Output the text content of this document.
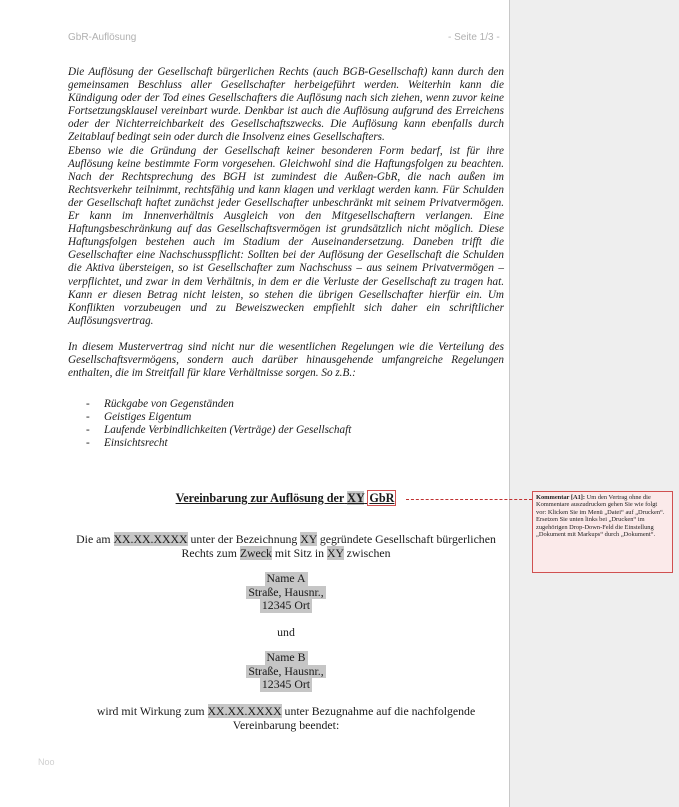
GbR-Auflösung	- Seite 1/3 -

Die Auflösung der Gesellschaft bürgerlichen Rechts (auch BGB-Gesellschaft) kann durch den gemeinsamen Beschluss aller Gesellschafter herbeigeführt werden. Weiterhin kann die Kündigung oder der Tod eines Gesellschafters die Auflösung nach sich ziehen, wenn zuvor keine Fortsetzungsklausel vereinbart wurde. Denkbar ist auch die Auflösung aufgrund des Erreichens oder der Nichterreichbarkeit des Gesellschaftszwecks. Die Auflösung kann ebenfalls durch Zeitablauf bedingt sein oder durch die Insolvenz eines Gesellschafters.

Ebenso wie die Gründung der Gesellschaft keiner besonderen Form bedarf, ist für ihre Auflösung keine bestimmte Form vorgesehen. Gleichwohl sind die Haftungsfolgen zu beachten. Nach der Rechtsprechung des BGH ist zumindest die Außen-GbR, die nach außen im Rechtsverkehr teilnimmt, rechtsfähig und kann klagen und verklagt werden kann. Für Schulden der Gesellschaft haftet zunächst jeder Gesellschafter unbeschränkt mit seinem Privatvermögen. Er kann im Innenverhältnis Ausgleich von den Mitgesellschaftern verlangen. Eine Haftungsbeschränkung auf das Gesellschaftsvermögen ist grundsätzlich nicht möglich. Diese Haftungsfolgen bestehen auch im Stadium der Auseinandersetzung. Daneben trifft die Gesellschafter eine Nachschusspflicht: Sollten bei der Auflösung der Gesellschaft die Schulden die Aktiva übersteigen, so ist Gesellschafter zum Nachschuss – aus seinem Privatvermögen – verpflichtet, und zwar in dem Verhältnis, in dem er die Verluste der Gesellschaft zu tragen hat. Kann er diesen Betrag nicht leisten, so stehen die übrigen Gesellschafter hierfür ein. Um Konflikten vorzubeugen und zu Beweiszwecken empfiehlt sich daher ein schriftlicher Auflösungsvertrag.

In diesem Mustervertrag sind nicht nur die wesentlichen Regelungen wie die Verteilung des Gesellschaftsvermögens, sondern auch darüber hinausgehende umfangreiche Regelungen enthalten, die im Streitfall für klare Verhältnisse sorgen. So z.B.:

- Rückgabe von Gegenständen
- Geistiges Eigentum
- Laufende Verbindlichkeiten (Verträge) der Gesellschaft
- Einsichtsrecht
Vereinbarung zur Auflösung der XY GbR
Die am XX.XX.XXXX unter der Bezeichnung XY gegründete Gesellschaft bürgerlichen
Rechts zum Zweck mit Sitz in XY zwischen
Name A
Straße, Hausnr.,
12345 Ort
und
Name B
Straße, Hausnr.,
12345 Ort
wird mit Wirkung zum XX.XX.XXXX unter Bezugnahme auf die nachfolgende
Vereinbarung beendet:
Noo
Kommentar [A1]: Um den Vertrag ohne die Kommentare auszudrucken gehen Sie wie folgt vor: Klicken Sie im Menü „Datei“ auf „Drucken“. Ersetzen Sie unten links bei „Drucken“ im zugehörigen Drop-Down-Feld die Einstellung „Dokument mit Markups“ durch „Dokument“.
